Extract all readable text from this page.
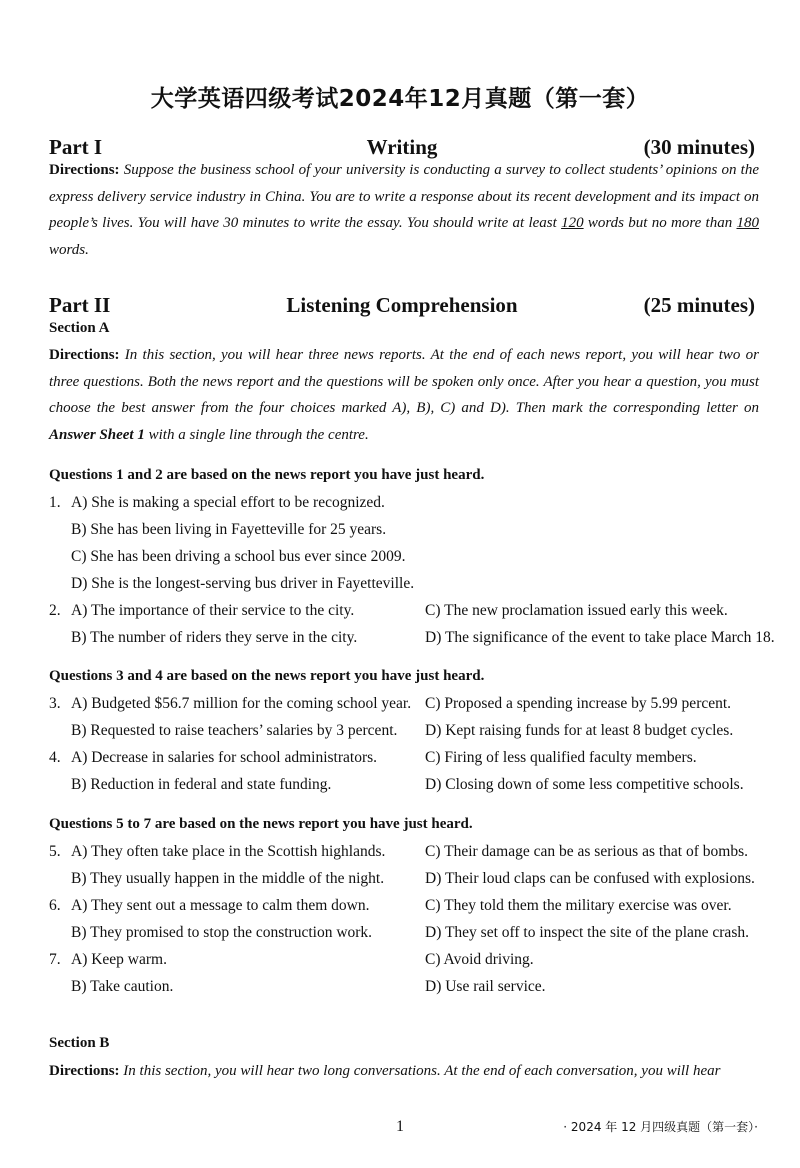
大学英语四级考试2024年12月真题（第一套）
Part I	Writing	(30 minutes)
Directions: Suppose the business school of your university is conducting a survey to collect students’ opinions on the express delivery service industry in China. You are to write a response about its recent development and its impact on people’s lives. You will have 30 minutes to write the essay. You should write at least 120 words but no more than 180 words.
Part II	Listening Comprehension	(25 minutes)
Section A
Directions: In this section, you will hear three news reports. At the end of each news report, you will hear two or three questions. Both the news report and the questions will be spoken only once. After you hear a question, you must choose the best answer from the four choices marked A), B), C) and D). Then mark the corresponding letter on Answer Sheet 1 with a single line through the centre.
Questions 1 and 2 are based on the news report you have just heard.
1. A) She is making a special effort to be recognized.
B) She has been living in Fayetteville for 25 years.
C) She has been driving a school bus ever since 2009.
D) She is the longest-serving bus driver in Fayetteville.
2. A) The importance of their service to the city.	C) The new proclamation issued early this week.
B) The number of riders they serve in the city.	D) The significance of the event to take place March 18.
Questions 3 and 4 are based on the news report you have just heard.
3. A) Budgeted $56.7 million for the coming school year. C) Proposed a spending increase by 5.99 percent.
B) Requested to raise teachers’ salaries by 3 percent. D) Kept raising funds for at least 8 budget cycles.
4. A) Decrease in salaries for school administrators.	C) Firing of less qualified faculty members.
B) Reduction in federal and state funding.	D) Closing down of some less competitive schools.
Questions 5 to 7 are based on the news report you have just heard.
5. A) They often take place in the Scottish highlands.	C) Their damage can be as serious as that of bombs.
B) They usually happen in the middle of the night.	D) Their loud claps can be confused with explosions.
6. A) They sent out a message to calm them down.	C) They told them the military exercise was over.
B) They promised to stop the construction work.	D) They set off to inspect the site of the plane crash.
7. A) Keep warm.	C) Avoid driving.
B) Take caution.	D) Use rail service.
Section B
Directions: In this section, you will hear two long conversations. At the end of each conversation, you will hear
1	· 2024 年 12 月四级真题（第一套）·
